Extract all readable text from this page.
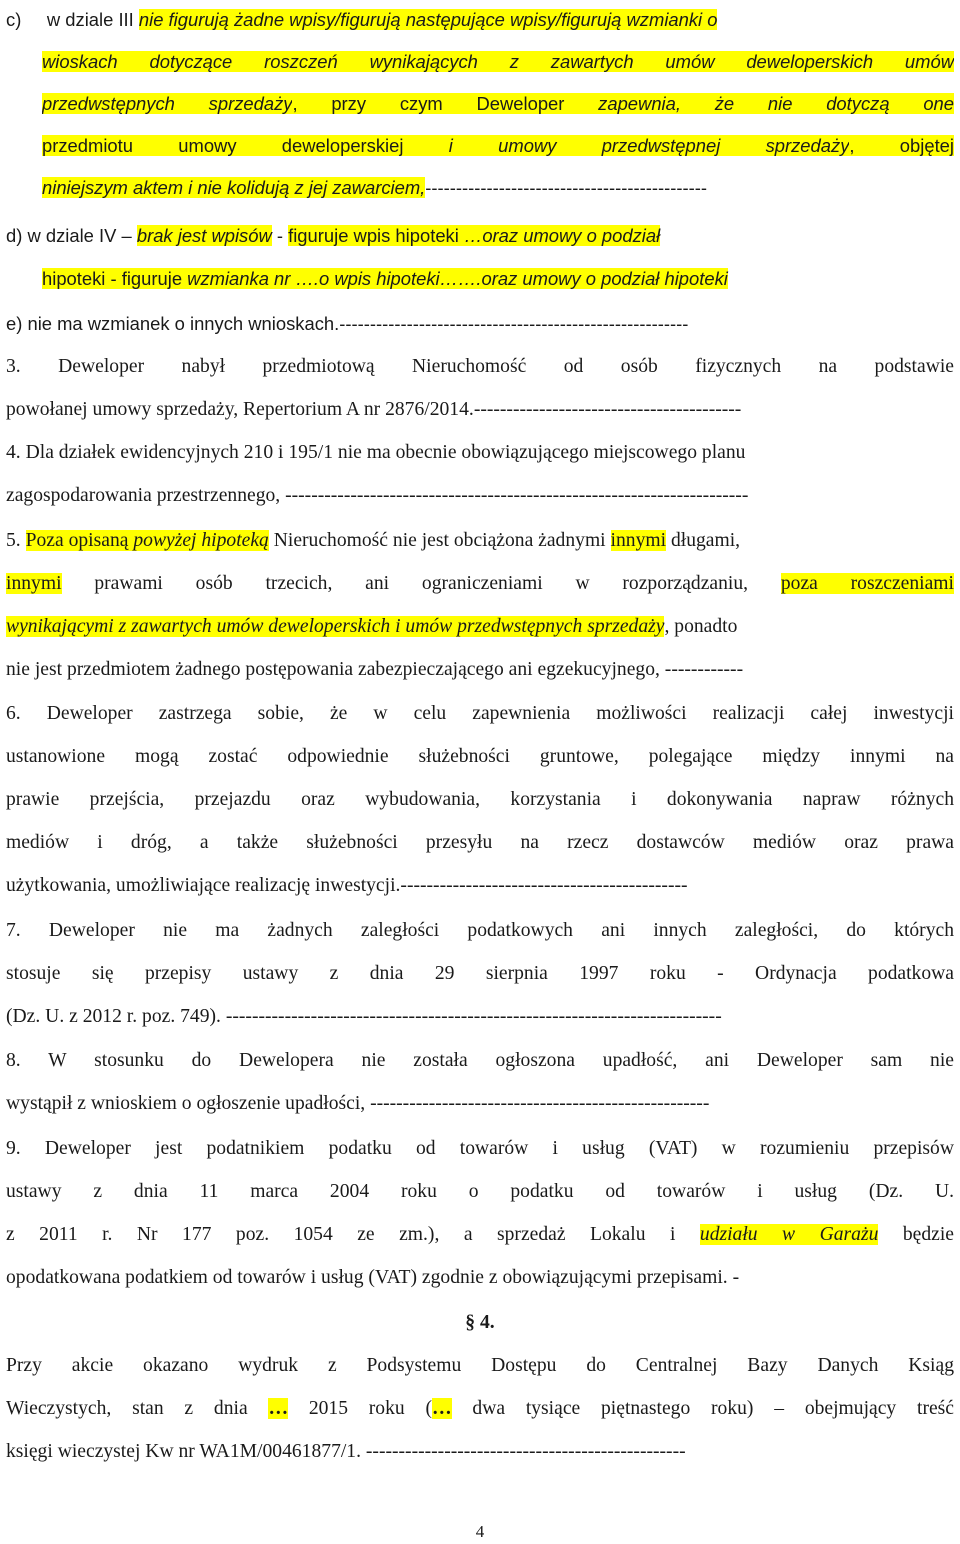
c) w dziale III nie figurują żadne wpisy/figurują następujące wpisy/figurują wzmianki o
wioskach dotyczące roszczeń wynikających z zawartych umów deweloperskich umów
przedwstępnych sprzedaży, przy czym Deweloper zapewnia, że nie dotyczą one
przedmiotu umowy deweloperskiej i umowy przedwstępnej sprzedaży, objętej
niniejszym aktem i nie kolidują z jej zawarciem,----------------------------------------------
d) w dziale IV – brak jest wpisów - figuruje wpis hipoteki …oraz umowy o podział
hipoteki - figuruje wzmianka nr ….o wpis hipoteki…….oraz umowy o podział hipoteki
e) nie ma wzmianek o innych wnioskach.---------------------------------------------------------
3. Deweloper nabył przedmiotową Nieruchomość od osób fizycznych na podstawie
powołanej umowy sprzedaży, Repertorium A nr 2876/2014.-----------------------------------------
4. Dla działek ewidencyjnych 210 i 195/1 nie ma obecnie obowiązującego miejscowego planu
zagospodarowania przestrzennego, -----------------------------------------------------------------------
5. Poza opisaną powyżej hipoteką Nieruchomość nie jest obciążona żadnymi innymi długami,
innymi prawami osób trzecich, ani ograniczeniami w rozporządzaniu, poza roszczeniami
wynikającymi z zawartych umów deweloperskich i umów przedwstępnych sprzedaży, ponadto
nie jest przedmiotem żadnego postępowania zabezpieczającego ani egzekucyjnego, ------------
6. Deweloper zastrzega sobie, że w celu zapewnienia możliwości realizacji całej inwestycji
ustanowione mogą zostać odpowiednie służebności gruntowe, polegające między innymi na
prawie przejścia, przejazdu oraz wybudowania, korzystania i dokonywania napraw różnych
mediów i dróg, a także służebności przesyłu na rzecz dostawców mediów oraz prawa
użytkowania, umożliwiające realizację inwestycji.--------------------------------------------
7. Deweloper nie ma żadnych zaległości podatkowych ani innych zaległości, do których
stosuje się przepisy ustawy z dnia 29 sierpnia 1997 roku - Ordynacja podatkowa
(Dz. U. z 2012 r. poz. 749). ----------------------------------------------------------------------------
8. W stosunku do Dewelopera nie została ogłoszona upadłość, ani Deweloper sam nie
wystąpił z wnioskiem o ogłoszenie upadłości, ----------------------------------------------------
9. Deweloper jest podatnikiem podatku od towarów i usług (VAT) w rozumieniu przepisów
ustawy z dnia 11 marca 2004 roku o podatku od towarów i usług (Dz. U.
z 2011 r. Nr 177 poz. 1054 ze zm.), a sprzedaż Lokalu i udziału w Garażu będzie
opodatkowana podatkiem od towarów i usług (VAT) zgodnie z obowiązującymi przepisami. -
§ 4.
Przy akcie okazano wydruk z Podsystemu Dostępu do Centralnej Bazy Danych Ksiąg
Wieczystych, stan z dnia … 2015 roku (… dwa tysiące piętnastego roku) – obejmujący treść
księgi wieczystej Kw nr WA1M/00461877/1. -------------------------------------------------
4
